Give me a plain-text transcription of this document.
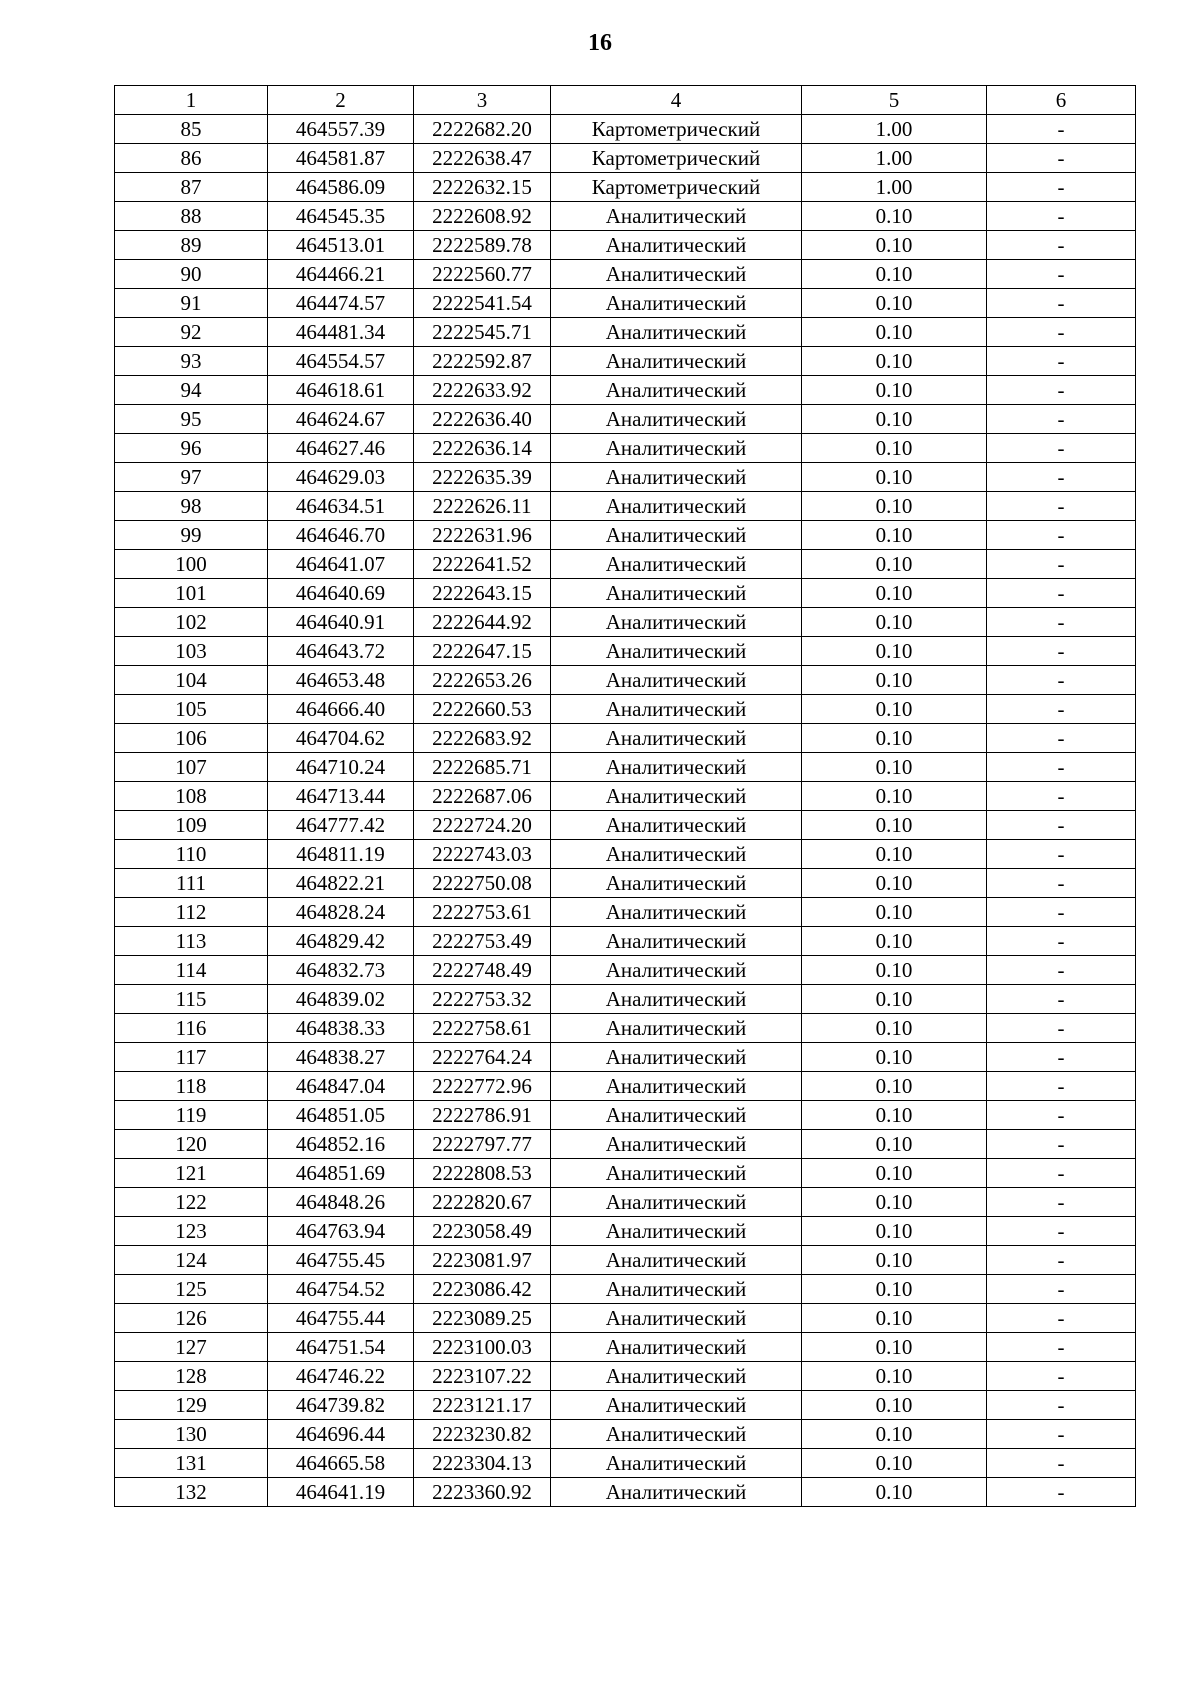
16
1	2	3	4	5	6
85	464557.39	2222682.20	Картометрический	1.00	-
86	464581.87	2222638.47	Картометрический	1.00	-
87	464586.09	2222632.15	Картометрический	1.00	-
88	464545.35	2222608.92	Аналитический	0.10	-
89	464513.01	2222589.78	Аналитический	0.10	-
90	464466.21	2222560.77	Аналитический	0.10	-
91	464474.57	2222541.54	Аналитический	0.10	-
92	464481.34	2222545.71	Аналитический	0.10	-
93	464554.57	2222592.87	Аналитический	0.10	-
94	464618.61	2222633.92	Аналитический	0.10	-
95	464624.67	2222636.40	Аналитический	0.10	-
96	464627.46	2222636.14	Аналитический	0.10	-
97	464629.03	2222635.39	Аналитический	0.10	-
98	464634.51	2222626.11	Аналитический	0.10	-
99	464646.70	2222631.96	Аналитический	0.10	-
100	464641.07	2222641.52	Аналитический	0.10	-
101	464640.69	2222643.15	Аналитический	0.10	-
102	464640.91	2222644.92	Аналитический	0.10	-
103	464643.72	2222647.15	Аналитический	0.10	-
104	464653.48	2222653.26	Аналитический	0.10	-
105	464666.40	2222660.53	Аналитический	0.10	-
106	464704.62	2222683.92	Аналитический	0.10	-
107	464710.24	2222685.71	Аналитический	0.10	-
108	464713.44	2222687.06	Аналитический	0.10	-
109	464777.42	2222724.20	Аналитический	0.10	-
110	464811.19	2222743.03	Аналитический	0.10	-
111	464822.21	2222750.08	Аналитический	0.10	-
112	464828.24	2222753.61	Аналитический	0.10	-
113	464829.42	2222753.49	Аналитический	0.10	-
114	464832.73	2222748.49	Аналитический	0.10	-
115	464839.02	2222753.32	Аналитический	0.10	-
116	464838.33	2222758.61	Аналитический	0.10	-
117	464838.27	2222764.24	Аналитический	0.10	-
118	464847.04	2222772.96	Аналитический	0.10	-
119	464851.05	2222786.91	Аналитический	0.10	-
120	464852.16	2222797.77	Аналитический	0.10	-
121	464851.69	2222808.53	Аналитический	0.10	-
122	464848.26	2222820.67	Аналитический	0.10	-
123	464763.94	2223058.49	Аналитический	0.10	-
124	464755.45	2223081.97	Аналитический	0.10	-
125	464754.52	2223086.42	Аналитический	0.10	-
126	464755.44	2223089.25	Аналитический	0.10	-
127	464751.54	2223100.03	Аналитический	0.10	-
128	464746.22	2223107.22	Аналитический	0.10	-
129	464739.82	2223121.17	Аналитический	0.10	-
130	464696.44	2223230.82	Аналитический	0.10	-
131	464665.58	2223304.13	Аналитический	0.10	-
132	464641.19	2223360.92	Аналитический	0.10	-
